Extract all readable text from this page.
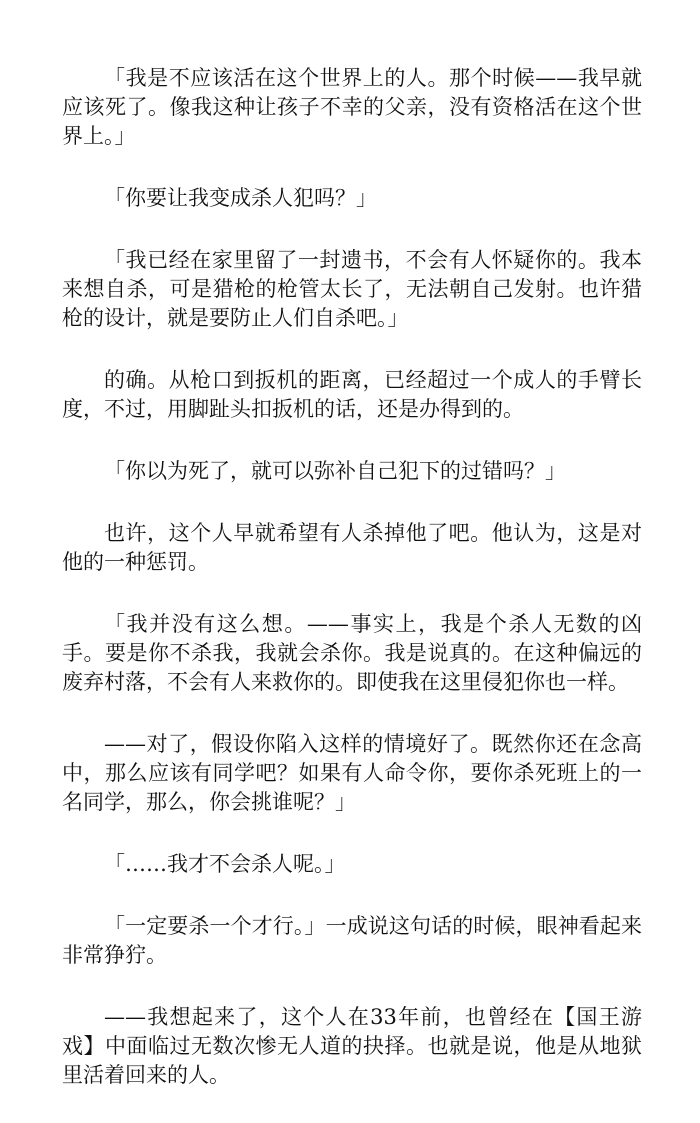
「我是不应该活在这个世界上的人。那个时候——我早就应该死了。像我这种让孩子不幸的父亲，没有资格活在这个世界上。」

「你要让我变成杀人犯吗？」

「我已经在家里留了一封遗书，不会有人怀疑你的。我本来想自杀，可是猎枪的枪管太长了，无法朝自己发射。也许猎枪的设计，就是要防止人们自杀吧。」

的确。从枪口到扳机的距离，已经超过一个成人的手臂长度，不过，用脚趾头扣扳机的话，还是办得到的。

「你以为死了，就可以弥补自己犯下的过错吗？」

也许，这个人早就希望有人杀掉他了吧。他认为，这是对他的一种惩罚。

「我并没有这么想。——事实上，我是个杀人无数的凶手。要是你不杀我，我就会杀你。我是说真的。在这种偏远的废弃村落，不会有人来救你的。即使我在这里侵犯你也一样。

——对了，假设你陷入这样的情境好了。既然你还在念高中，那么应该有同学吧？如果有人命令你，要你杀死班上的一名同学，那么，你会挑谁呢？」

「……我才不会杀人呢。」

「一定要杀一个才行。」一成说这句话的时候，眼神看起来非常狰狞。

——我想起来了，这个人在33年前，也曾经在【国王游戏】中面临过无数次惨无人道的抉择。也就是说，他是从地狱里活着回来的人。
